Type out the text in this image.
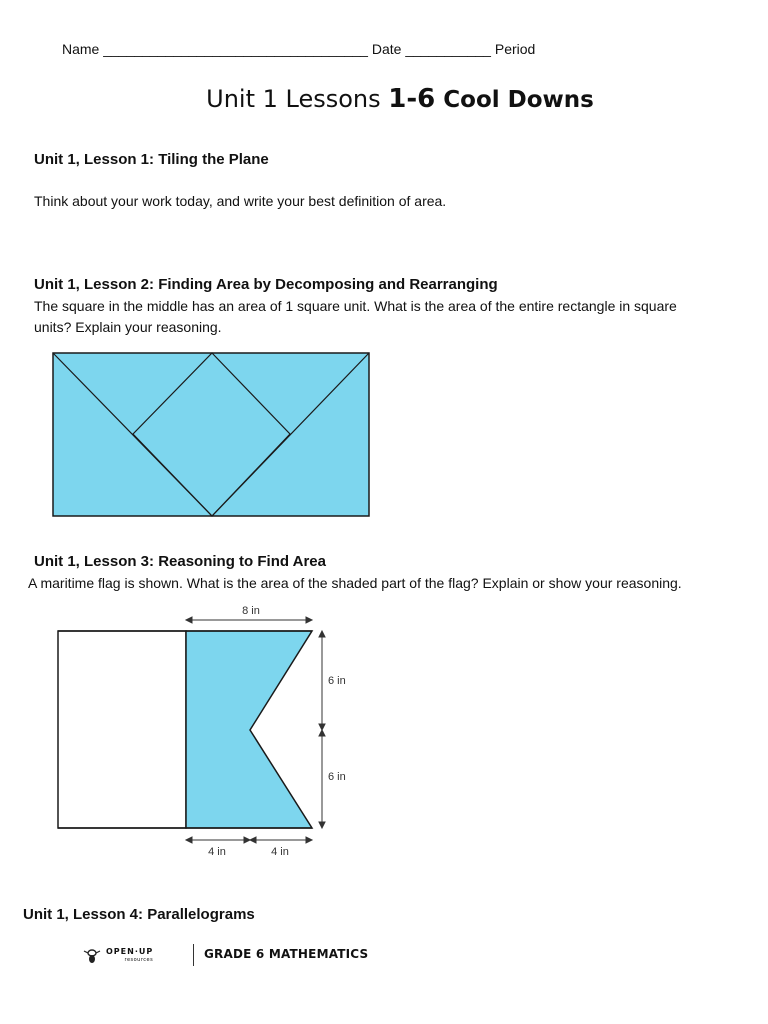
Name __________________________________ Date ___________ Period
Unit 1 Lessons 1-6 Cool Downs
Unit 1, Lesson 1: Tiling the Plane
Think about your work today, and write your best definition of area.
Unit 1, Lesson 2: Finding Area by Decomposing and Rearranging
The square in the middle has an area of 1 square unit. What is the area of the entire rectangle in square
units? Explain your reasoning.
Unit 1, Lesson 3: Reasoning to Find Area
A maritime flag is shown. What is the area of the shaded part of the flag? Explain or show your reasoning.
8 in
6 in
6 in
4 in	4 in
Unit 1, Lesson 4: Parallelograms
OPEN·UP
resources	GRADE 6 MATHEMATICS
